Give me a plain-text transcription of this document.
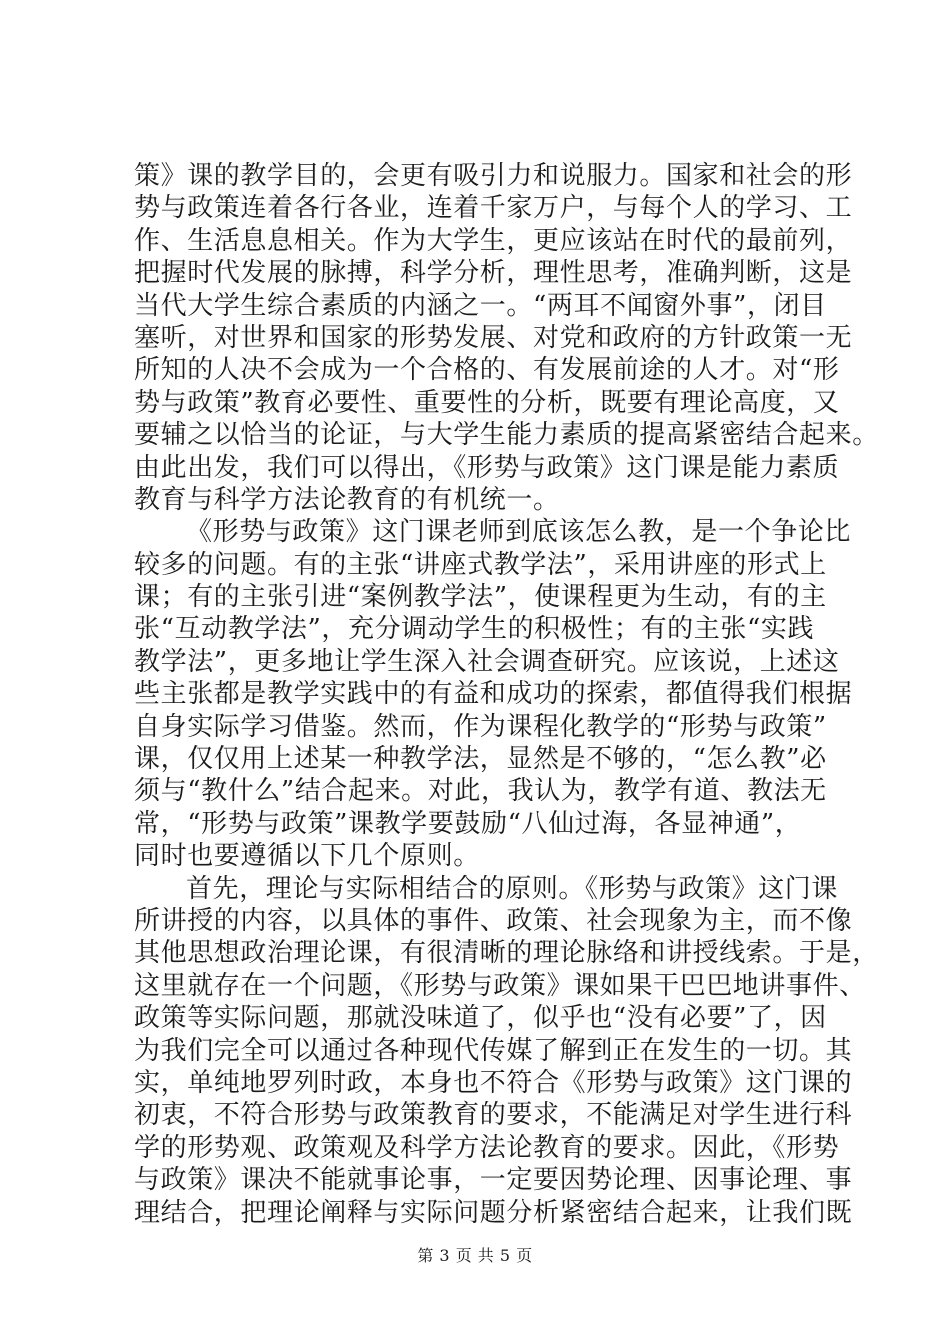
策》课的教学目的，会更有吸引力和说服力。国家和社会的形
势与政策连着各行各业，连着千家万户，与每个人的学习、工
作、生活息息相关。作为大学生，更应该站在时代的最前列，
把握时代发展的脉搏，科学分析，理性思考，准确判断，这是
当代大学生综合素质的内涵之一。“两耳不闻窗外事”，闭目
塞听，对世界和国家的形势发展、对党和政府的方针政策一无
所知的人决不会成为一个合格的、有发展前途的人才。对“形
势与政策”教育必要性、重要性的分析，既要有理论高度，又
要辅之以恰当的论证，与大学生能力素质的提高紧密结合起来。
由此出发，我们可以得出，《形势与政策》这门课是能力素质
教育与科学方法论教育的有机统一。
《形势与政策》这门课老师到底该怎么教，是一个争论比
较多的问题。有的主张“讲座式教学法”，采用讲座的形式上
课；有的主张引进“案例教学法”，使课程更为生动，有的主
张“互动教学法”，充分调动学生的积极性；有的主张“实践
教学法”，更多地让学生深入社会调查研究。应该说，上述这
些主张都是教学实践中的有益和成功的探索，都值得我们根据
自身实际学习借鉴。然而，作为课程化教学的“形势与政策”
课，仅仅用上述某一种教学法，显然是不够的，“怎么教”必
须与“教什么”结合起来。对此，我认为，教学有道、教法无
常，“形势与政策”课教学要鼓励“八仙过海，各显神通”，
同时也要遵循以下几个原则。
首先，理论与实际相结合的原则。《形势与政策》这门课
所讲授的内容，以具体的事件、政策、社会现象为主，而不像
其他思想政治理论课，有很清晰的理论脉络和讲授线索。于是，
这里就存在一个问题，《形势与政策》课如果干巴巴地讲事件、
政策等实际问题，那就没味道了，似乎也“没有必要”了，因
为我们完全可以通过各种现代传媒了解到正在发生的一切。其
实，单纯地罗列时政，本身也不符合《形势与政策》这门课的
初衷，不符合形势与政策教育的要求，不能满足对学生进行科
学的形势观、政策观及科学方法论教育的要求。因此，《形势
与政策》课决不能就事论事，一定要因势论理、因事论理、事
理结合，把理论阐释与实际问题分析紧密结合起来，让我们既
第 3 页 共 5 页
